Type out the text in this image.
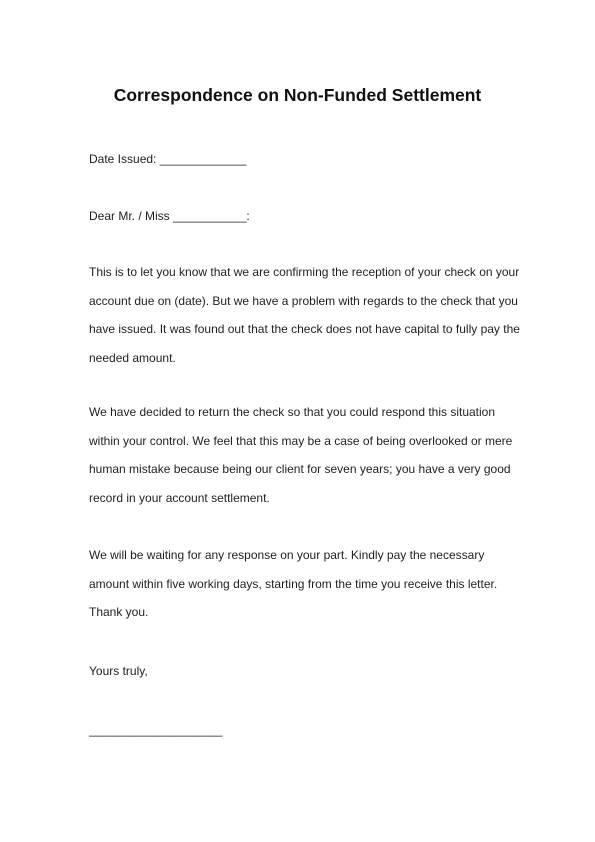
Correspondence on Non-Funded Settlement
Date Issued: _____________
Dear Mr. / Miss ___________:
This is to let you know that we are confirming the reception of your check on your
account due on (date). But we have a problem with regards to the check that you
have issued. It was found out that the check does not have capital to fully pay the
needed amount.
We have decided to return the check so that you could respond this situation
within your control. We feel that this may be a case of being overlooked or mere
human mistake because being our client for seven years; you have a very good
record in your account settlement.
We will be waiting for any response on your part. Kindly pay the necessary
amount within five working days, starting from the time you receive this letter.
Thank you.
Yours truly,
____________________
